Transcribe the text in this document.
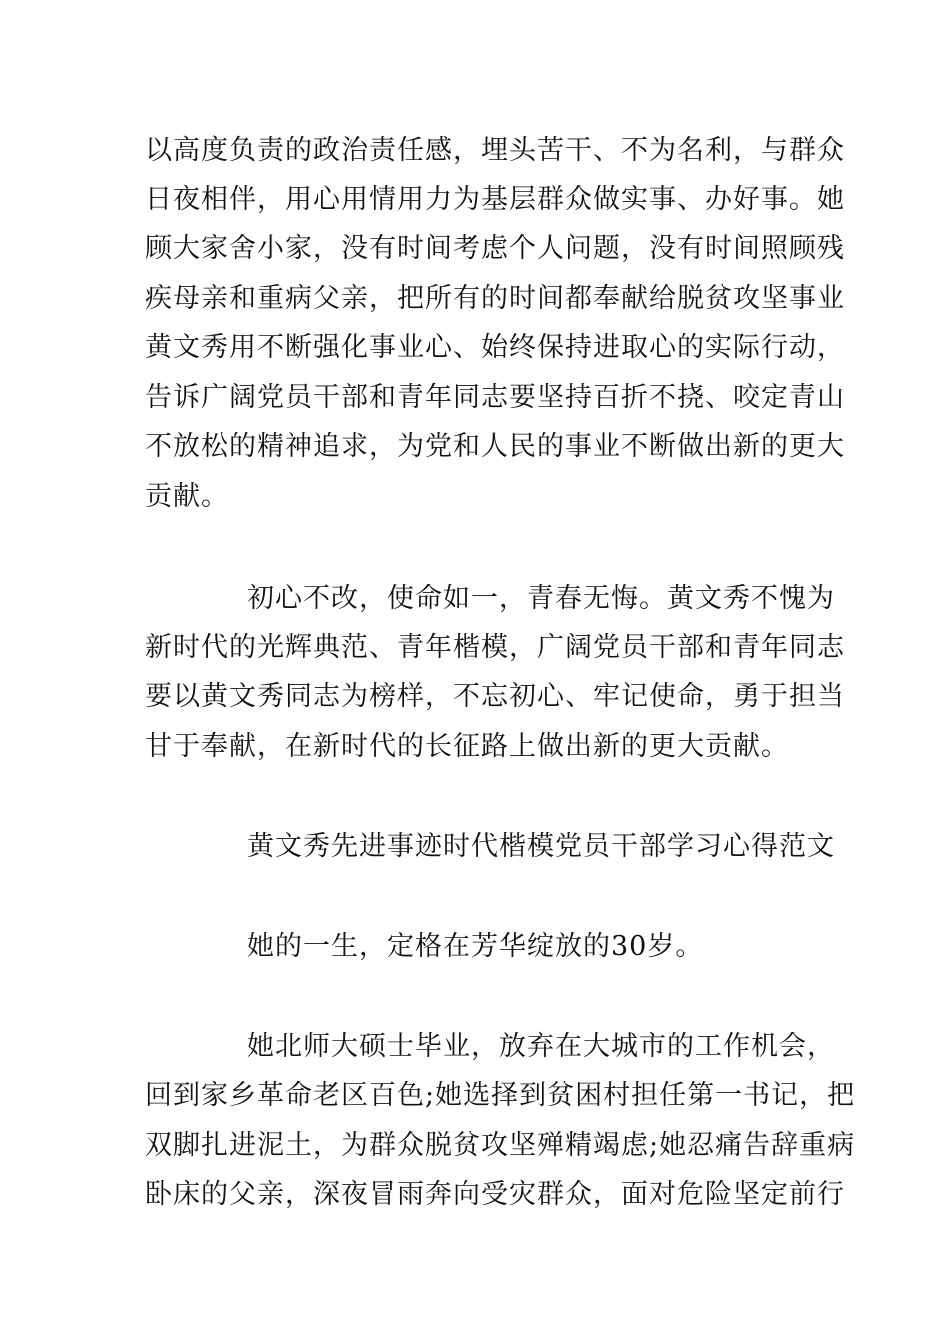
以高度负责的政治责任感，埋头苦干、不为名利，与群众
日夜相伴，用心用情用力为基层群众做实事、办好事。她
顾大家舍小家，没有时间考虑个人问题，没有时间照顾残
疾母亲和重病父亲，把所有的时间都奉献给脱贫攻坚事业
黄文秀用不断强化事业心、始终保持进取心的实际行动，
告诉广阔党员干部和青年同志要坚持百折不挠、咬定青山
不放松的精神追求，为党和人民的事业不断做出新的更大
贡献。
初心不改，使命如一，青春无悔。黄文秀不愧为
新时代的光辉典范、青年楷模，广阔党员干部和青年同志
要以黄文秀同志为榜样，不忘初心、牢记使命，勇于担当
甘于奉献，在新时代的长征路上做出新的更大贡献。
黄文秀先进事迹时代楷模党员干部学习心得范文
她的一生，定格在芳华绽放的30岁。
她北师大硕士毕业，放弃在大城市的工作机会，
回到家乡革命老区百色;她选择到贫困村担任第一书记，把
双脚扎进泥土，为群众脱贫攻坚殚精竭虑;她忍痛告辞重病
卧床的父亲，深夜冒雨奔向受灾群众，面对危险坚定前行
